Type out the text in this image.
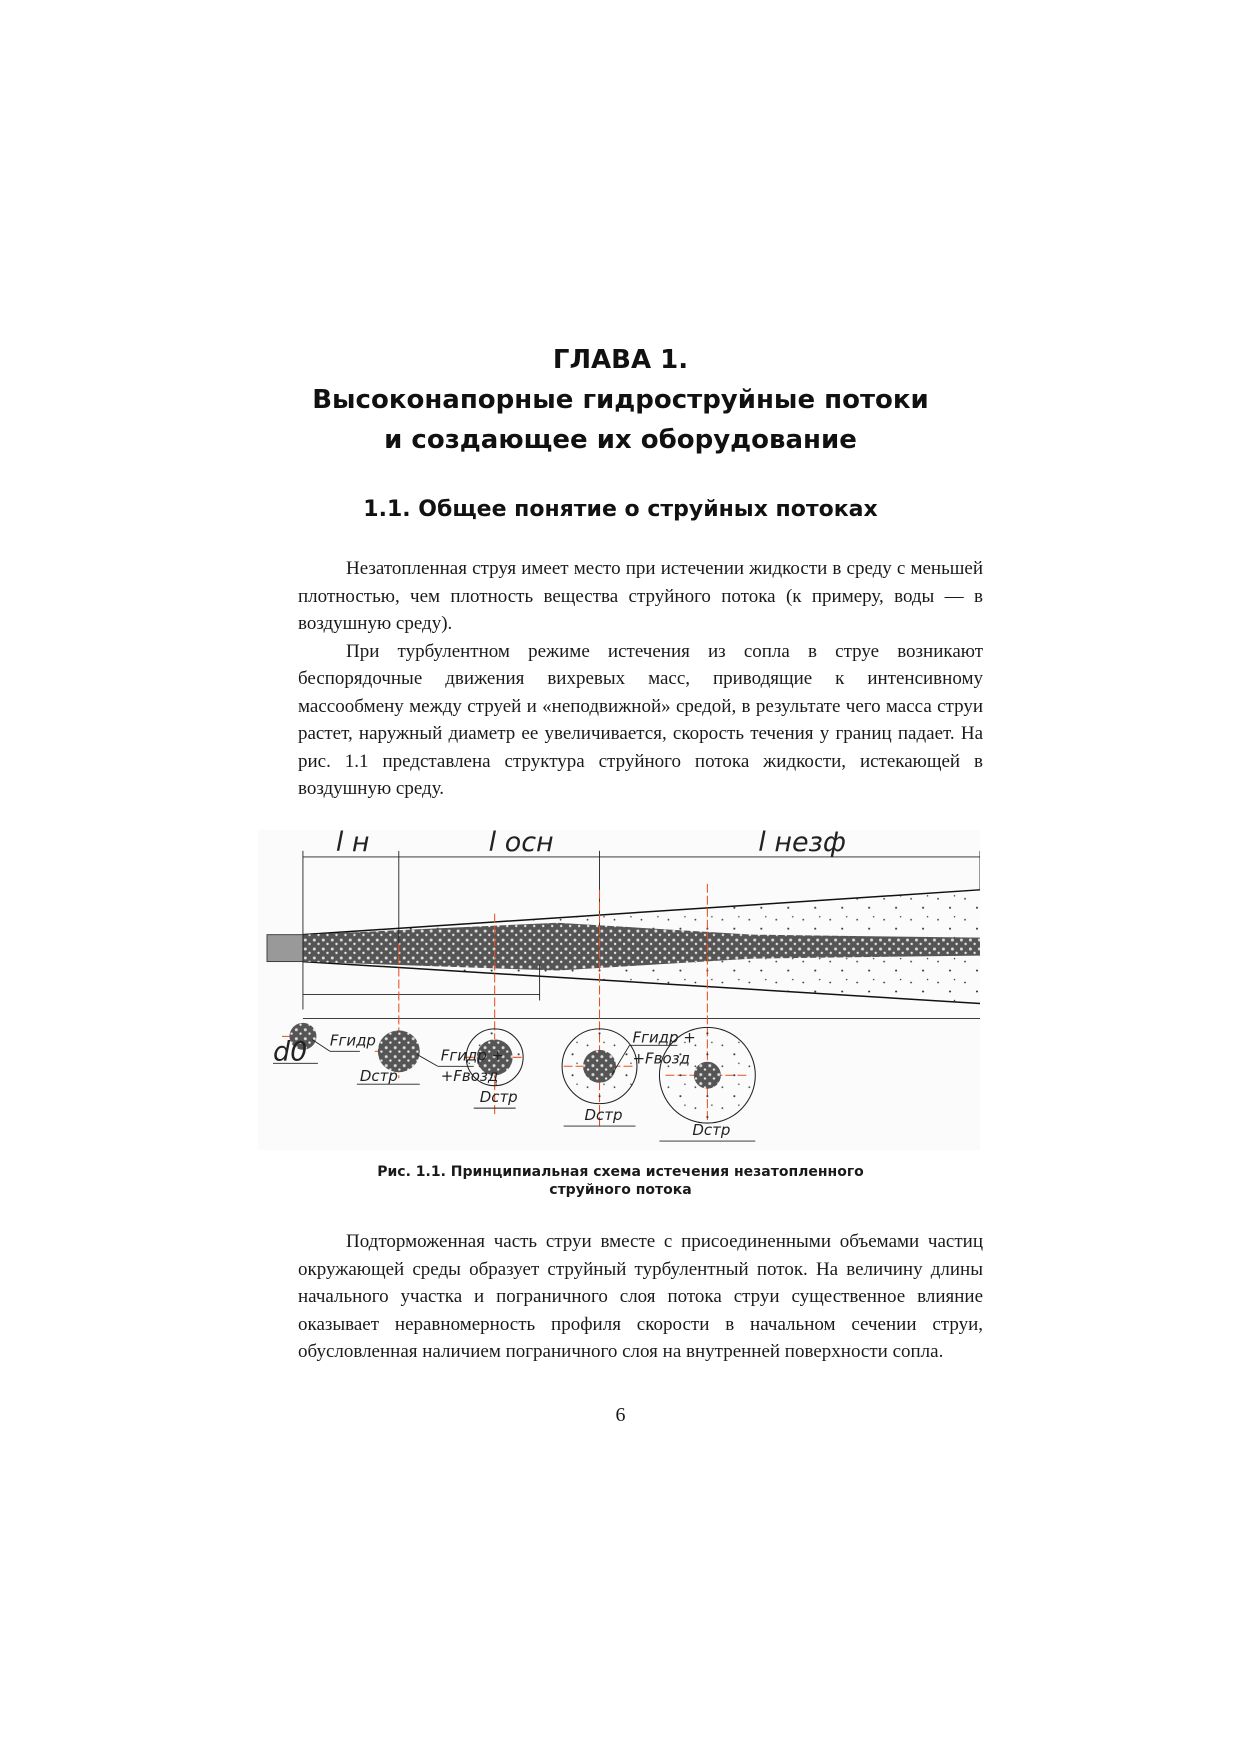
ГЛАВА 1.
Высоконапорные гидроструйные потоки
и создающее их оборудование
1.1. Общее понятие о струйных потоках

Незатопленная струя имеет место при истечении жидкости в среду с меньшей плотностью, чем плотность вещества струйного потока (к примеру, воды — в воздушную среду).

При турбулентном режиме истечения из сопла в струе возникают беспорядочные движения вихревых масс, приводящие к интенсивному массообмену между струей и «неподвижной» средой, в результате чего масса струи растет, наружный диаметр ее увеличивается, скорость течения у границ падает. На рис. 1.1 представлена структура струйного потока жидкости, истекающей в воздушную среду.

l н	l осн	l незф
d0	Fгидр
Fгидр +
+Fвозд
Fгидр +
+Fвозд
Dстр
Dстр
Dстр
Dстр
Рис. 1.1. Принципиальная схема истечения незатопленного
струйного потока

Подторможенная часть струи вместе с присоединенными объемами частиц окружающей среды образует струйный турбулентный поток. На величину длины начального участка и пограничного слоя потока струи существенное влияние оказывает неравномерность профиля скорости в начальном сечении струи, обусловленная наличием пограничного слоя на внутренней поверхности сопла.

6
